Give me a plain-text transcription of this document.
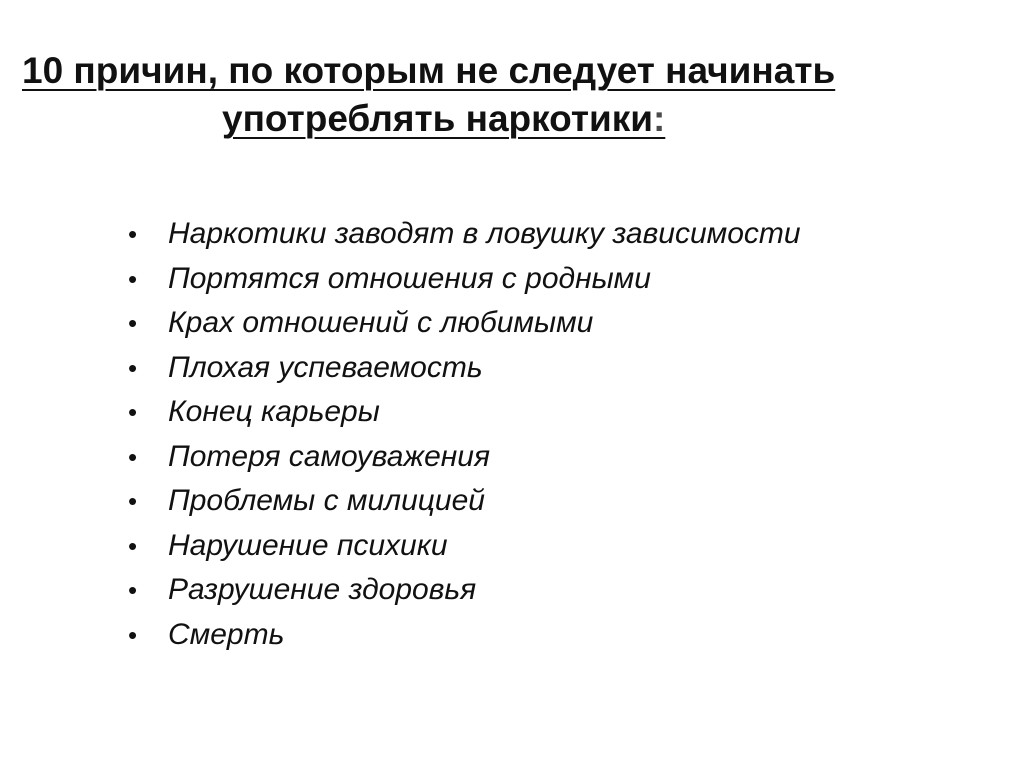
10 причин, по которым не следует начинать
употреблять наркотики:
• Наркотики заводят в ловушку зависимости
• Портятся отношения с родными
• Крах отношений с любимыми
• Плохая успеваемость
• Конец карьеры
• Потеря самоуважения
• Проблемы с милицией
• Нарушение психики
• Разрушение здоровья
• Смерть
